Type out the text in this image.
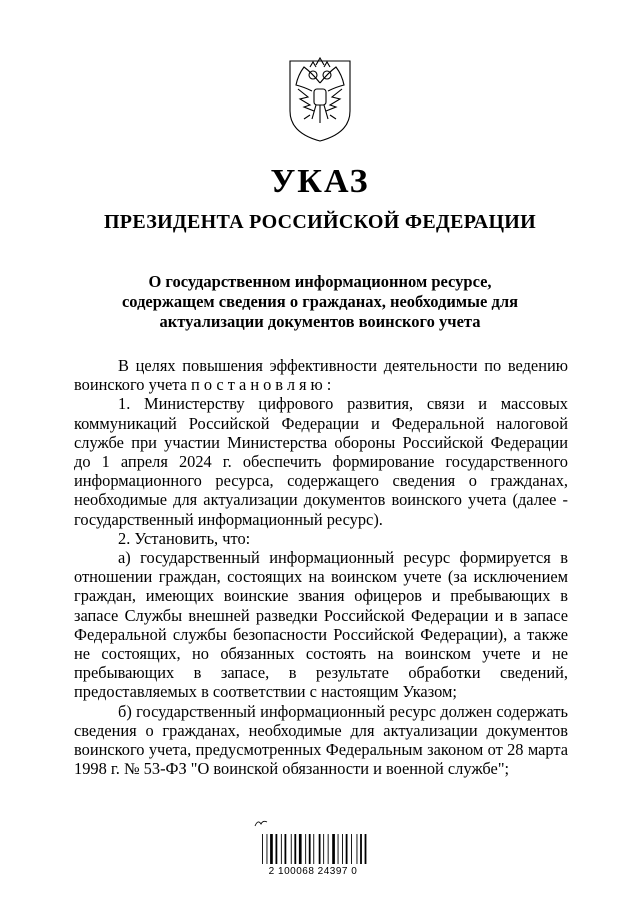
УКАЗ
ПРЕЗИДЕНТА РОССИЙСКОЙ ФЕДЕРАЦИИ
О государственном информационном ресурсе,
содержащем сведения о гражданах, необходимые для
актуализации документов воинского учета

В целях повышения эффективности деятельности по ведению воинского учета постановляю:

1. Министерству цифрового развития, связи и массовых коммуникаций Российской Федерации и Федеральной налоговой службе при участии Министерства обороны Российской Федерации до 1 апреля 2024 г. обеспечить формирование государственного информационного ресурса, содержащего сведения о гражданах, необходимые для актуализации документов воинского учета (далее - государственный информационный ресурс).

2. Установить, что:

а) государственный информационный ресурс формируется в отношении граждан, состоящих на воинском учете (за исключением граждан, имеющих воинские звания офицеров и пребывающих в запасе Службы внешней разведки Российской Федерации и в запасе Федеральной службы безопасности Российской Федерации), а также не состоящих, но обязанных состоять на воинском учете и не пребывающих в запасе, в результате обработки сведений, предоставляемых в соответствии с настоящим Указом;

б) государственный информационный ресурс должен содержать сведения о гражданах, необходимые для актуализации документов воинского учета, предусмотренных Федеральным законом от 28 марта 1998 г. № 53-ФЗ "О воинской обязанности и военной службе";

2 100068 24397 0
